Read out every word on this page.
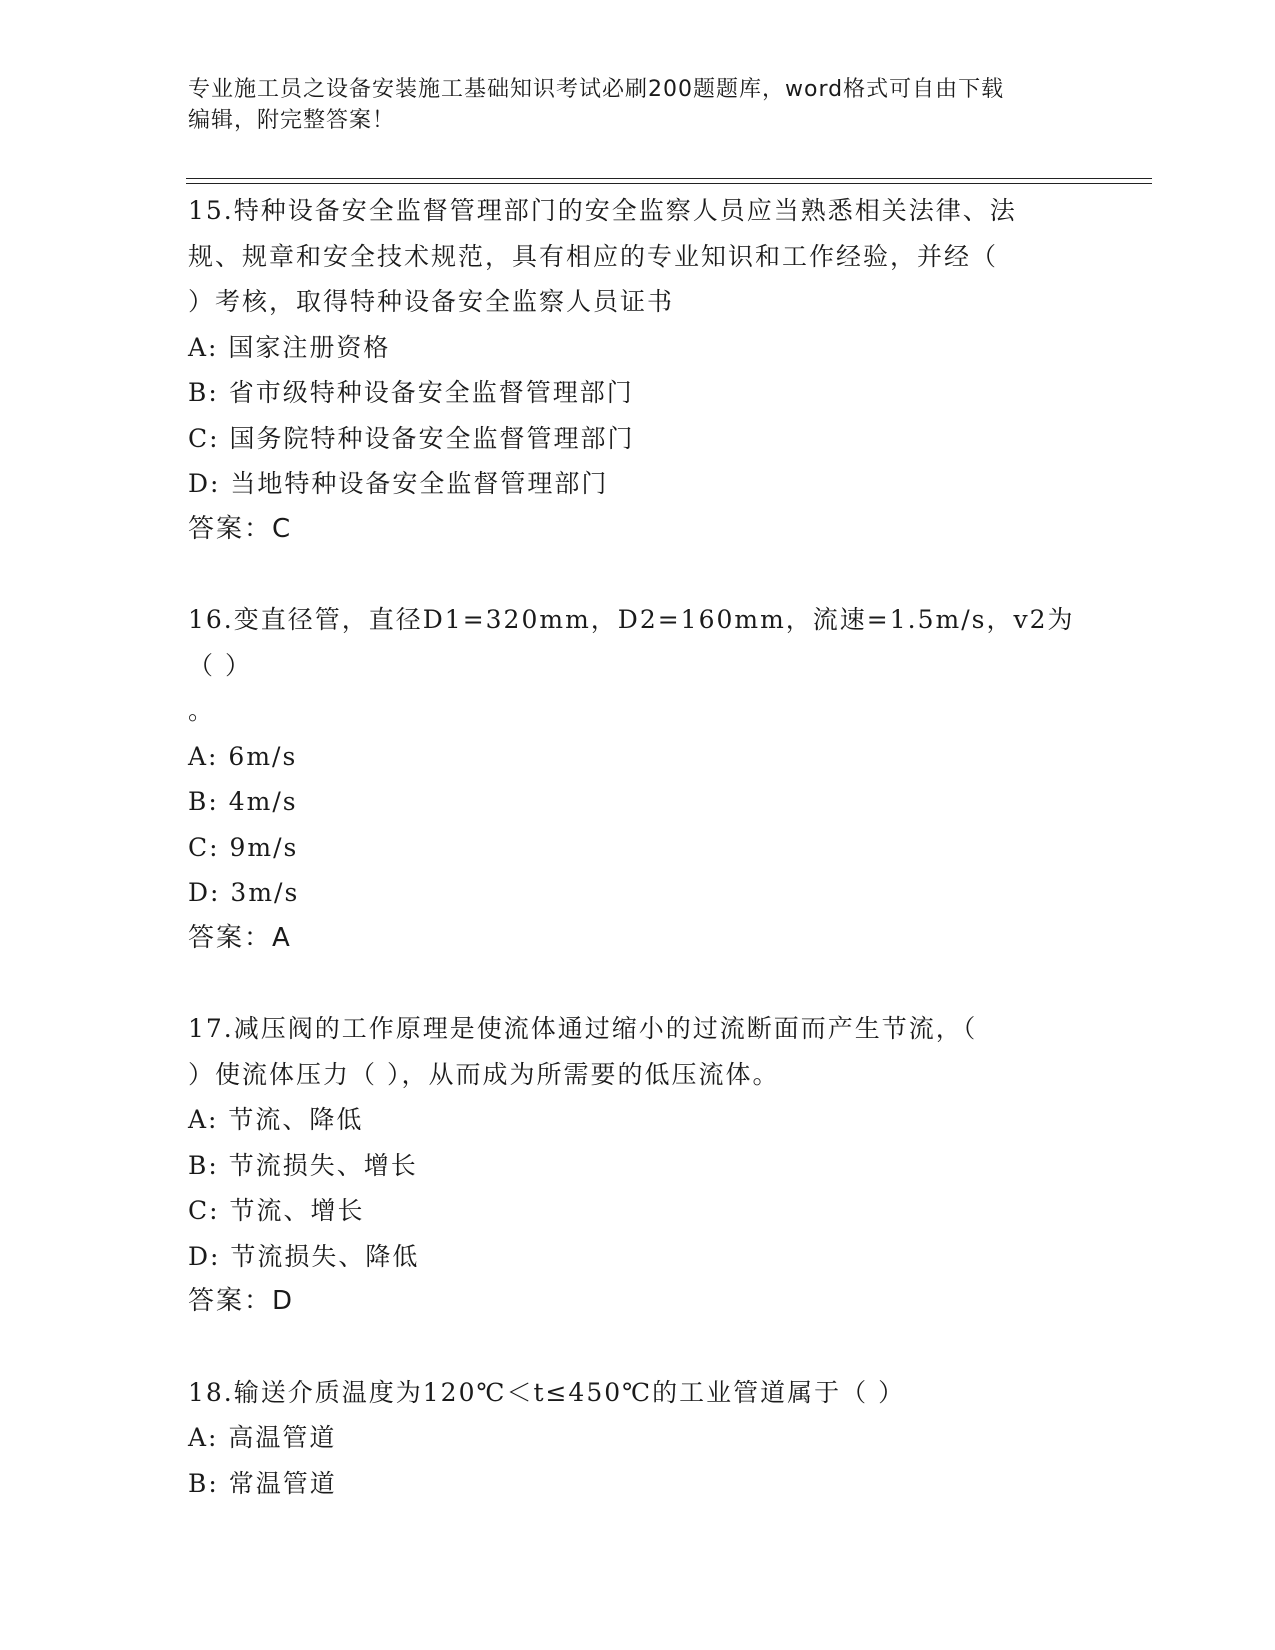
专业施工员之设备安装施工基础知识考试必刷200题题库，word格式可自由下载
编辑，附完整答案！

15.特种设备安全监督管理部门的安全监察人员应当熟悉相关法律、法

规、规章和安全技术规范，具有相应的专业知识和工作经验，并经（

）考核，取得特种设备安全监察人员证书

A: 国家注册资格

B: 省市级特种设备安全监督管理部门

C: 国务院特种设备安全监督管理部门

D: 当地特种设备安全监督管理部门

答案：C

16.变直径管，直径D1=320mm，D2=160mm，流速=1.5m/s，v2为（ ）

。

A: 6m/s

B: 4m/s

C: 9m/s

D: 3m/s

答案：A

17.减压阀的工作原理是使流体通过缩小的过流断面而产生节流，（

）使流体压力（ ），从而成为所需要的低压流体。

A: 节流、降低

B: 节流损失、增长

C: 节流、增长

D: 节流损失、降低

答案：D

18.输送介质温度为120℃＜t≤450℃的工业管道属于（ ）

A: 高温管道

B: 常温管道
